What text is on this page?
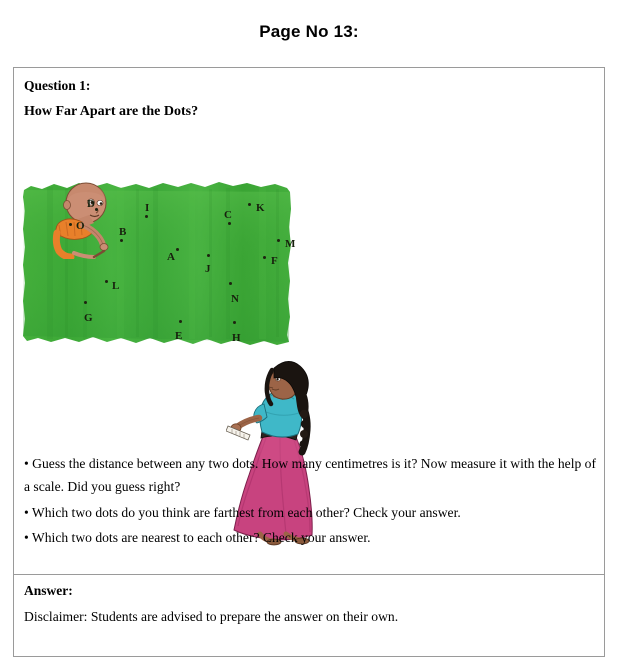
Page No 13:
Question 1:
How Far Apart are the Dots?
D
O
I
C
K
B
M
A	F
J
L
N
G
E	H

• Guess the distance between any two dots. How many centimetres is it? Now measure it with the help of a scale. Did you guess right?

• Which two dots do you think are farthest from each other? Check your answer.

• Which two dots are nearest to each other? Check your answer.

Answer:
Disclaimer: Students are advised to prepare the answer on their own.
